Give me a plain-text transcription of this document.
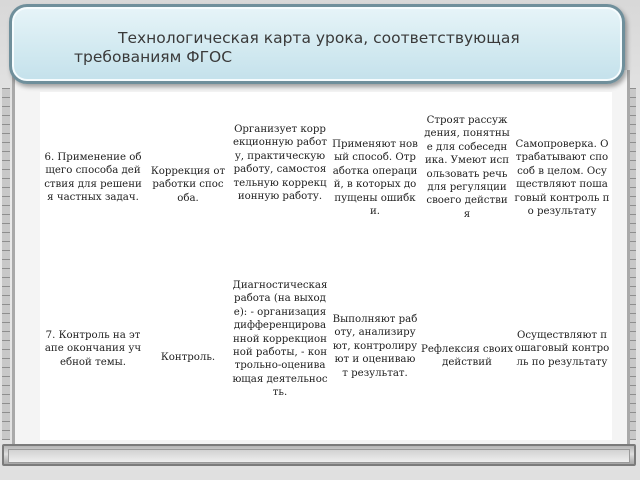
Технологическая карта урока, соответствующая требованиям ФГОС
6. Применение общего способа действия для решения частных задач.
Коррекция отработки способа.
Организует коррекционную работу, практическую работу, самостоятельную коррекционную работу.
Применяют новый способ. Отработка операций, в которых допущены ошибки.
Строят рассуждения, понятные для собеседника. Умеют использовать речь для регуляции своего действия
Самопроверка. Отрабатывают способ в целом. Осуществляют пошаговый контроль по результату
7. Контроль на этапе окончания учебной темы.	Контроль.
Диагностическая работа (на выходе): - организация дифференцированной коррекционной работы, - контрольно-оценивающая деятельность.
Выполняют работу, анализируют, контролируют и оценивают результат.
Рефлексия своих действий
Осуществляют пошаговый контроль по результату
